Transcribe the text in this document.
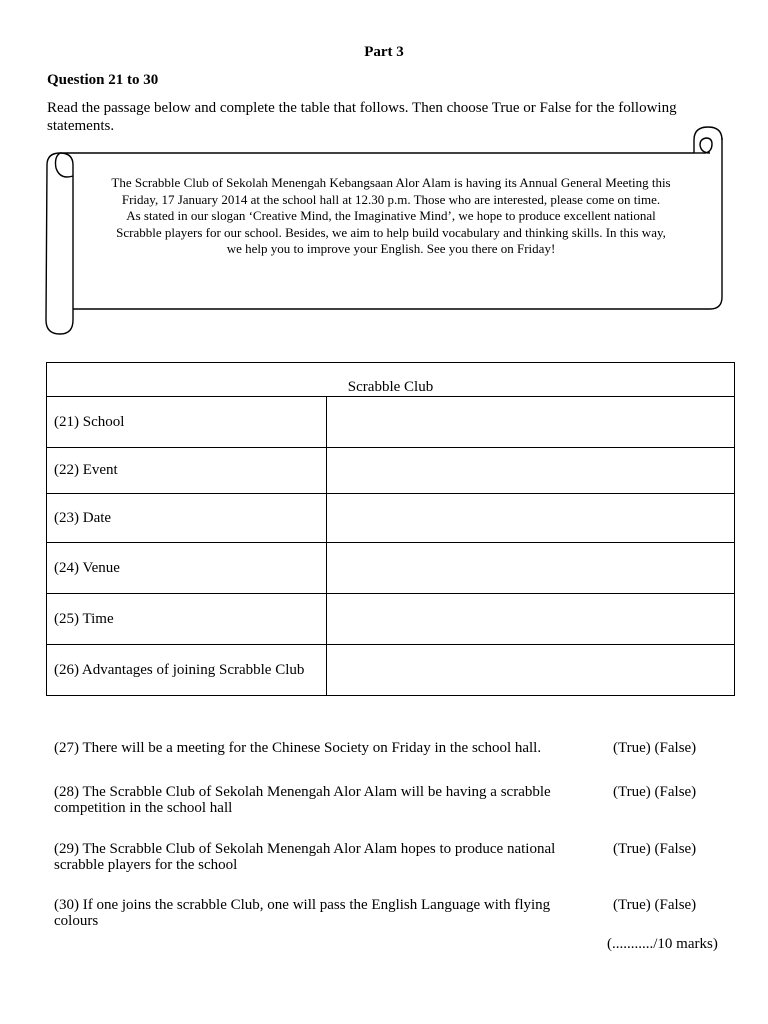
Part 3
Question 21 to 30
Read the passage below and complete the table that follows. Then choose True or False for the following statements.

The Scrabble Club of Sekolah Menengah Kebangsaan Alor Alam is having its Annual General Meeting this Friday, 17 January 2014 at the school hall at 12.30 p.m. Those who are interested, please come on time.

As stated in our slogan ‘Creative Mind, the Imaginative Mind’, we hope to produce excellent national Scrabble players for our school. Besides, we aim to help build vocabulary and thinking skills. In this way, we help you to improve your English. See you there on Friday!

Scrabble Club	
(21) School	
(22) Event	
(23) Date	
(24) Venue	
(25) Time	
(26) Advantages of joining Scrabble Club	
(27) There will be a meeting for the Chinese Society on Friday in the school hall.	(True) (False)
(28) The Scrabble Club of Sekolah Menengah Alor Alam will be having a scrabble competition in the school hall
(True) (False)
(29) The Scrabble Club of Sekolah Menengah Alor Alam hopes to produce national scrabble players for the school
(True) (False)
(30) If one joins the scrabble Club, one will pass the English Language with flying colours
(True) (False)
(.........../10 marks)
